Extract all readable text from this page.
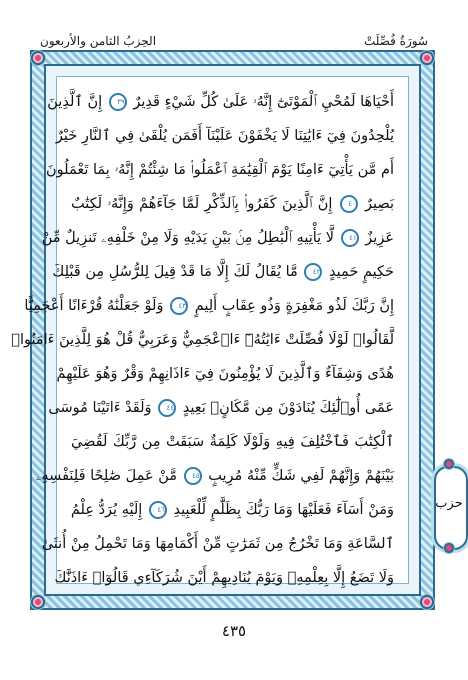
الحِزبُ الثامن والأربعون	سُورَةُ فُصِّلَتْ
أَحْيَاهَا لَمُحْيِ ٱلْمَوْتَىٰٓ إِنَّهُۥ عَلَىٰ كُلِّ شَيْءٍ قَدِيرٌ ٣٩ إِنَّ ٱلَّذِينَ
يُلْحِدُونَ فِيٓ ءَايَٰتِنَا لَا يَخْفَوْنَ عَلَيْنَآ أَفَمَن يُلْقَىٰ فِي ٱلنَّارِ خَيْرٌ
أَم مَّن يَأْتِيٓ ءَامِنًا يَوْمَ ٱلْقِيَٰمَةِ ٱعْمَلُوا۟ مَا شِئْتُمْ إِنَّهُۥ بِمَا تَعْمَلُونَ
بَصِيرٌ ٤٠ إِنَّ ٱلَّذِينَ كَفَرُوا۟ بِٱلذِّكْرِ لَمَّا جَآءَهُمْ وَإِنَّهُۥ لَكِتَٰبٌ
عَزِيزٌ ٤١ لَّا يَأْتِيهِ ٱلْبَٰطِلُ مِنۢ بَيْنِ يَدَيْهِ وَلَا مِنْ خَلْفِهِۦ تَنزِيلٌ مِّنْ
حَكِيمٍ حَمِيدٍ ٤٢ مَّا يُقَالُ لَكَ إِلَّا مَا قَدْ قِيلَ لِلرُّسُلِ مِن قَبْلِكَ
إِنَّ رَبَّكَ لَذُو مَغْفِرَةٍ وَذُو عِقَابٍ أَلِيمٍ ٤٣ وَلَوْ جَعَلْنَٰهُ قُرْءَانًا أَعْجَمِيًّا
لَّقَالُوا۟ لَوْلَا فُصِّلَتْ ءَايَٰتُهُۥٓ ءَا۬عْجَمِيٌّ وَعَرَبِيٌّ قُلْ هُوَ لِلَّذِينَ ءَامَنُوا۟
هُدًى وَشِفَآءٌ وَٱلَّذِينَ لَا يُؤْمِنُونَ فِيٓ ءَاذَانِهِمْ وَقْرٌ وَهُوَ عَلَيْهِمْ
عَمًى أُو۟لَٰٓئِكَ يُنَادَوْنَ مِن مَّكَانٍۭ بَعِيدٍ ٤٤ وَلَقَدْ ءَاتَيْنَا مُوسَى
ٱلْكِتَٰبَ فَٱخْتُلِفَ فِيهِ وَلَوْلَا كَلِمَةٌ سَبَقَتْ مِن رَّبِّكَ لَقُضِيَ
بَيْنَهُمْ وَإِنَّهُمْ لَفِي شَكٍّ مِّنْهُ مُرِيبٍ ٤٥ مَّنْ عَمِلَ صَٰلِحًا فَلِنَفْسِهِۦ
وَمَنْ أَسَآءَ فَعَلَيْهَا وَمَا رَبُّكَ بِظَلَّٰمٍ لِّلْعَبِيدِ ٤٦ إِلَيْهِ يُرَدُّ عِلْمُ
ٱلسَّاعَةِ وَمَا تَخْرُجُ مِن ثَمَرَٰتٍ مِّنْ أَكْمَامِهَا وَمَا تَحْمِلُ مِنْ أُنثَىٰ
وَلَا تَضَعُ إِلَّا بِعِلْمِهِۦ وَيَوْمَ يُنَادِيهِمْ أَيْنَ شُرَكَآءِي قَالُوٓا۟ ءَاذَنَّٰكَ
حزب
٤٣٥
